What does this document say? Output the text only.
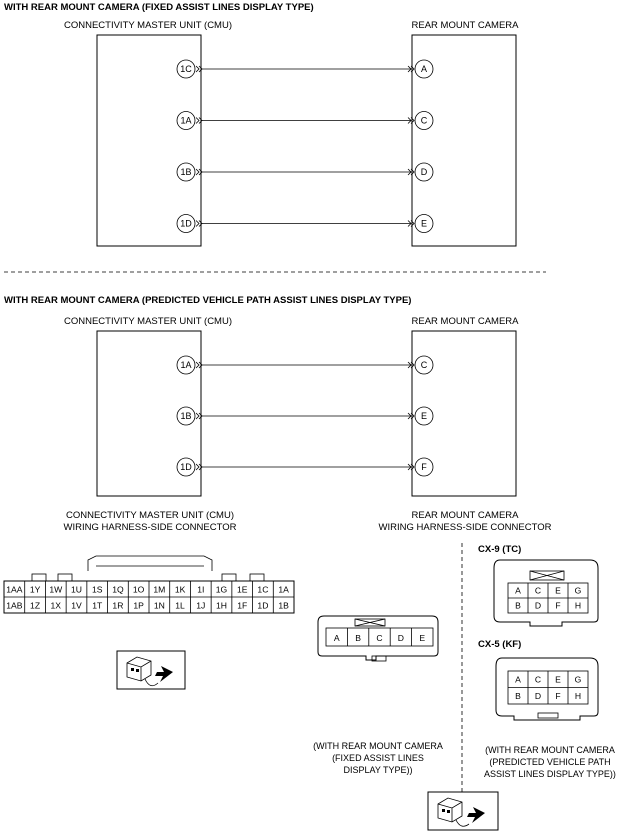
WITH REAR MOUNT CAMERA (FIXED ASSIST LINES DISPLAY TYPE)
CONNECTIVITY MASTER UNIT (CMU)	REAR MOUNT CAMERA
1C	A
1A	C
1B	D
1D	E
WITH REAR MOUNT CAMERA (PREDICTED VEHICLE PATH ASSIST LINES DISPLAY TYPE)
CONNECTIVITY MASTER UNIT (CMU)	REAR MOUNT CAMERA
1A	C
1B	E
1D	F
CONNECTIVITY MASTER UNIT (CMU)
WIRING HARNESS-SIDE CONNECTOR
REAR MOUNT CAMERA
WIRING HARNESS-SIDE CONNECTOR
1AA 1Y 1W 1U 1S 1Q 1O 1M 1K 1I 1G 1E 1C 1A
1AB 1Z 1X 1V 1T 1R 1P 1N 1L 1J 1H 1F 1D 1B
A B C D E
(WITH REAR MOUNT CAMERA
(FIXED ASSIST LINES
DISPLAY TYPE))
CX-9 (TC)
A C E G
B D F H
CX-5 (KF)
A C E G
B D F H
(WITH REAR MOUNT CAMERA
(PREDICTED VEHICLE PATH
ASSIST LINES DISPLAY TYPE))
